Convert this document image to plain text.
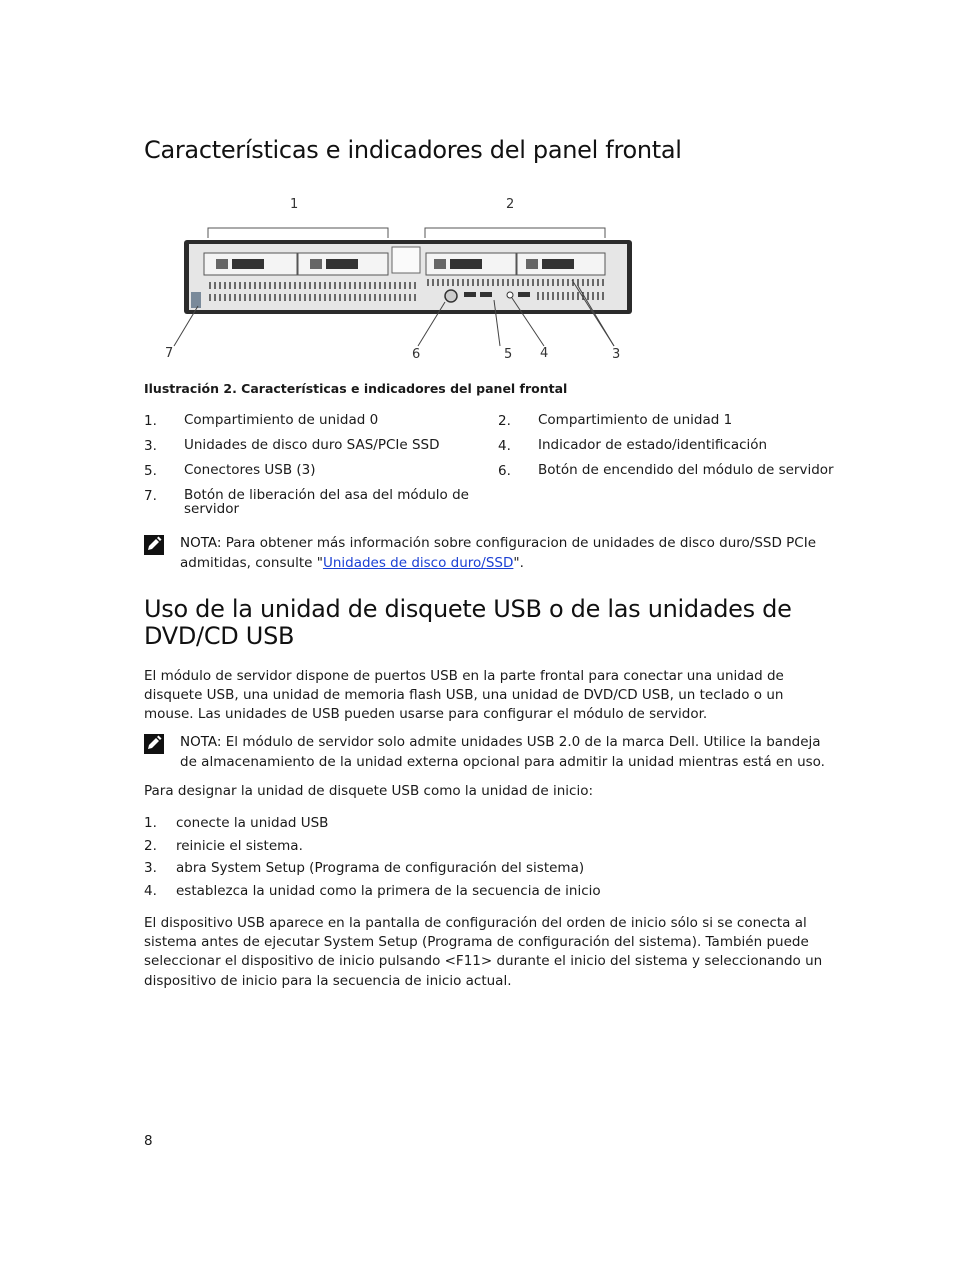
Características e indicadores del panel frontal
1	2
7	6	5 4	3
Ilustración 2. Características e indicadores del panel frontal
1. Compartimiento de unidad 0	2. Compartimiento de unidad 1
3. Unidades de disco duro SAS/PCIe SSD	4. Indicador de estado/identificación
5. Conectores USB (3)	6. Botón de encendido del módulo de servidor
7. Botón de liberación del asa del módulo de servidor
NOTA: Para obtener más información sobre configuracion de unidades de disco duro/SSD PCIe admitidas, consulte "Unidades de disco duro/SSD".
Uso de la unidad de disquete USB o de las unidades de DVD/CD USB

El módulo de servidor dispone de puertos USB en la parte frontal para conectar una unidad de disquete USB, una unidad de memoria flash USB, una unidad de DVD/CD USB, un teclado o un mouse. Las unidades de USB pueden usarse para configurar el módulo de servidor.

NOTA: El módulo de servidor solo admite unidades USB 2.0 de la marca Dell. Utilice la bandeja de almacenamiento de la unidad externa opcional para admitir la unidad mientras está en uso.

Para designar la unidad de disquete USB como la unidad de inicio:

1. conecte la unidad USB
2. reinicie el sistema.
3. abra System Setup (Programa de configuración del sistema)
4. establezca la unidad como la primera de la secuencia de inicio

El dispositivo USB aparece en la pantalla de configuración del orden de inicio sólo si se conecta al sistema antes de ejecutar System Setup (Programa de configuración del sistema). También puede seleccionar el dispositivo de inicio pulsando <F11> durante el inicio del sistema y seleccionando un dispositivo de inicio para la secuencia de inicio actual.

8
